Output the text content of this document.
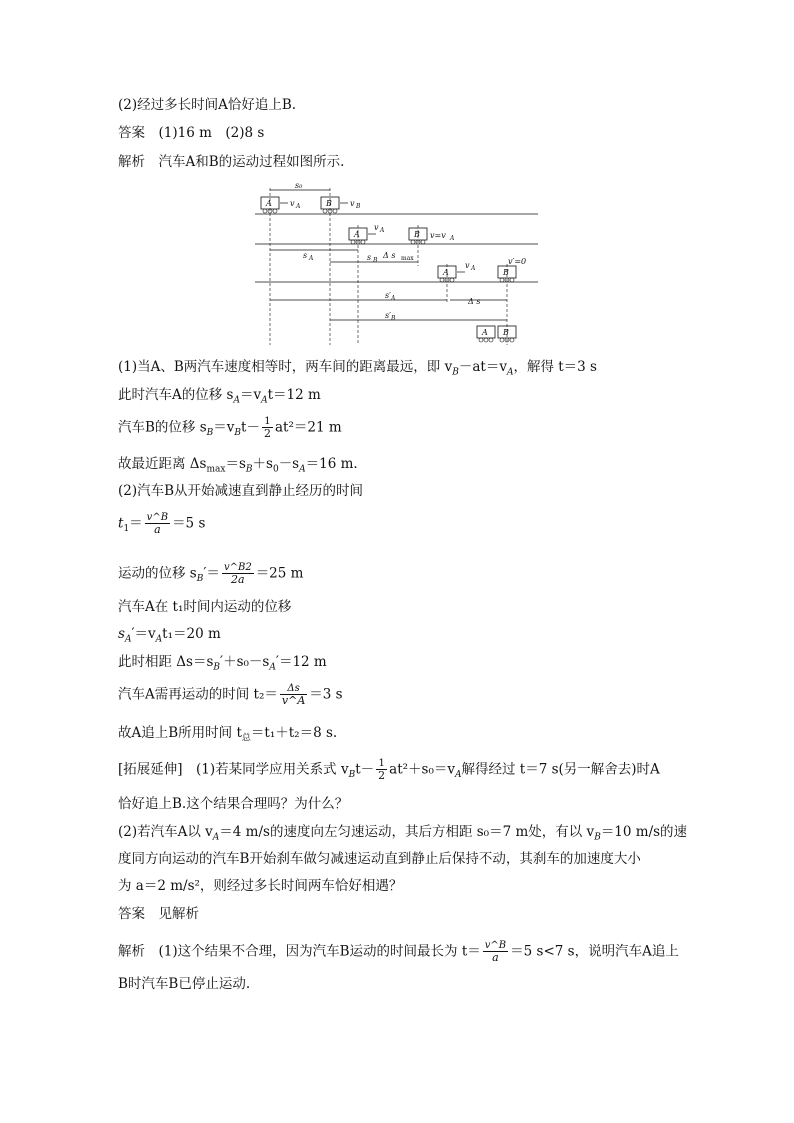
(2)经过多长时间A恰好追上B.
答案　(1)16 m　(2)8 s
解析　汽车A和B的运动过程如图所示.
s₀
A v A	B v B
A
v A	B v=v A
s A	s B
Δ s max
A
v A	B
v′=0
s′ A	Δ s
s′ B
A B
(1)当A、B两汽车速度相等时，两车间的距离最远，即 $v_B-at=v_A$，解得 t＝3 s
此时汽车A的位移 $s_A=v_At=12$ m
汽车B的位移 $s_B=v_Bt- \frac{1}{2} at^2=21$ m
故最近距离 $\Delta s_{max}=s_B+s_0-s_A=16$ m.
(2)汽车B从开始减速直到静止经历的时间
$t_1= \frac{v\^{}B}{a} =5$ s
运动的位移 $s_B'= \frac{v\^{}B2}{2a} =25$ m
汽车A在 t₁时间内运动的位移
$s_A'=v_At_1=20$ m
此时相距 $\Delta s=s_B'+s_0-s_A'=12$ m
汽车A需再运动的时间 $t_2= \frac{\Delta s}{v\^{}A} =3$ s
故A追上B所用时间 $t_总=t_1+t_2=8$ s.
[拓展延伸]　(1)若某同学应用关系式 $v_Bt- \frac{1}{2} at^2+s_0=v_A$解得经过 t＝7 s(另一解舍去)时A
恰好追上B.这个结果合理吗？为什么？
(2)若汽车A以 $v_A=4$ m/s的速度向左匀速运动，其后方相距 s₀＝7 m处，有以 $v_B=10$ m/s的速
度同方向运动的汽车B开始刹车做匀减速运动直到静止后保持不动，其刹车的加速度大小
为 a＝2 m/s²，则经过多长时间两车恰好相遇？
答案　见解析
解析　(1)这个结果不合理，因为汽车B运动的时间最长为 $t= \frac{v\^{}B}{a} =5$ s<7 s，说明汽车A追上
B时汽车B已停止运动.
